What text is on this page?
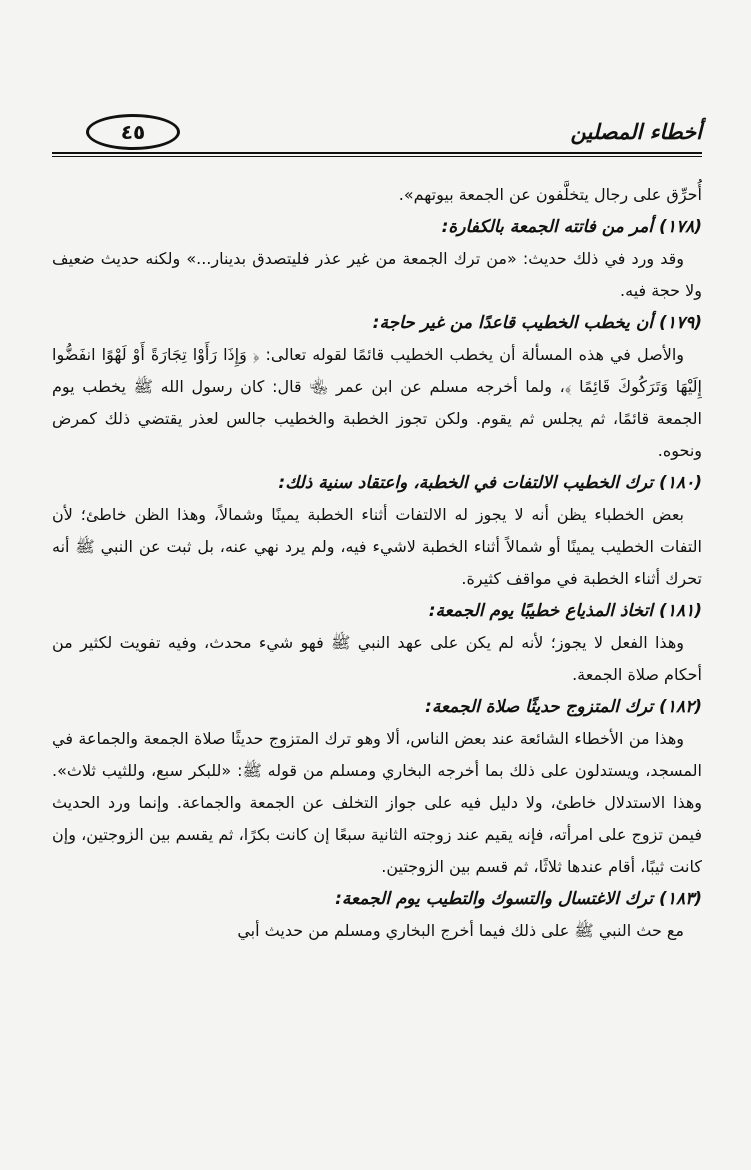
أخطاء المصلين
٤٥

أُحرِّق على رجال يتخلَّفون عن الجمعة بيوتهم».

(١٧٨)أمر من فاتته الجمعة بالكفارة:

وقد ورد في ذلك حديث: «من ترك الجمعة من غير عذر فليتصدق بدينار...» ولكنه حديث ضعيف ولا حجة فيه.

(١٧٩)أن يخطب الخطيب قاعدًا من غير حاجة:

والأصل في هذه المسألة أن يخطب الخطيب قائمًا لقوله تعالى: ﴿ وَإِذَا رَأَوْا تِجَارَةً أَوْ لَهْوًا انفَضُّوا إِلَيْهَا وَتَرَكُوكَ قَائِمًا ﴾، ولما أخرجه مسلم عن ابن عمر ﵄ قال: كان رسول الله ﷺ يخطب يوم الجمعة قائمًا، ثم يجلس ثم يقوم. ولكن تجوز الخطبة والخطيب جالس لعذر يقتضي ذلك كمرض ونحوه.

(١٨٠)ترك الخطيب الالتفات في الخطبة، واعتقاد سنية ذلك:

بعض الخطباء يظن أنه لا يجوز له الالتفات أثناء الخطبة يمينًا وشمالاً، وهذا الظن خاطئ؛ لأن التفات الخطيب يمينًا أو شمالاً أثناء الخطبة لاشيء فيه، ولم يرد نهي عنه، بل ثبت عن النبي ﷺ أنه تحرك أثناء الخطبة في مواقف كثيرة.

(١٨١)اتخاذ المذياع خطيبًا يوم الجمعة:

وهذا الفعل لا يجوز؛ لأنه لم يكن على عهد النبي ﷺ فهو شيء محدث، وفيه تفويت لكثير من أحكام صلاة الجمعة.

(١٨٢)ترك المتزوج حديثًا صلاة الجمعة:

وهذا من الأخطاء الشائعة عند بعض الناس، ألا وهو ترك المتزوج حديثًا صلاة الجمعة والجماعة في المسجد، ويستدلون على ذلك بما أخرجه البخاري ومسلم من قوله ﷺ: «للبكر سبع، وللثيب ثلاث». وهذا الاستدلال خاطئ، ولا دليل فيه على جواز التخلف عن الجمعة والجماعة. وإنما ورد الحديث فيمن تزوج على امرأته، فإنه يقيم عند زوجته الثانية سبعًا إن كانت بكرًا، ثم يقسم بين الزوجتين، وإن كانت ثيبًا، أقام عندها ثلاثًا، ثم قسم بين الزوجتين.

(١٨٣)ترك الاغتسال والتسوك والتطيب يوم الجمعة:

مع حث النبي ﷺ على ذلك فيما أخرج البخاري ومسلم من حديث أبي
